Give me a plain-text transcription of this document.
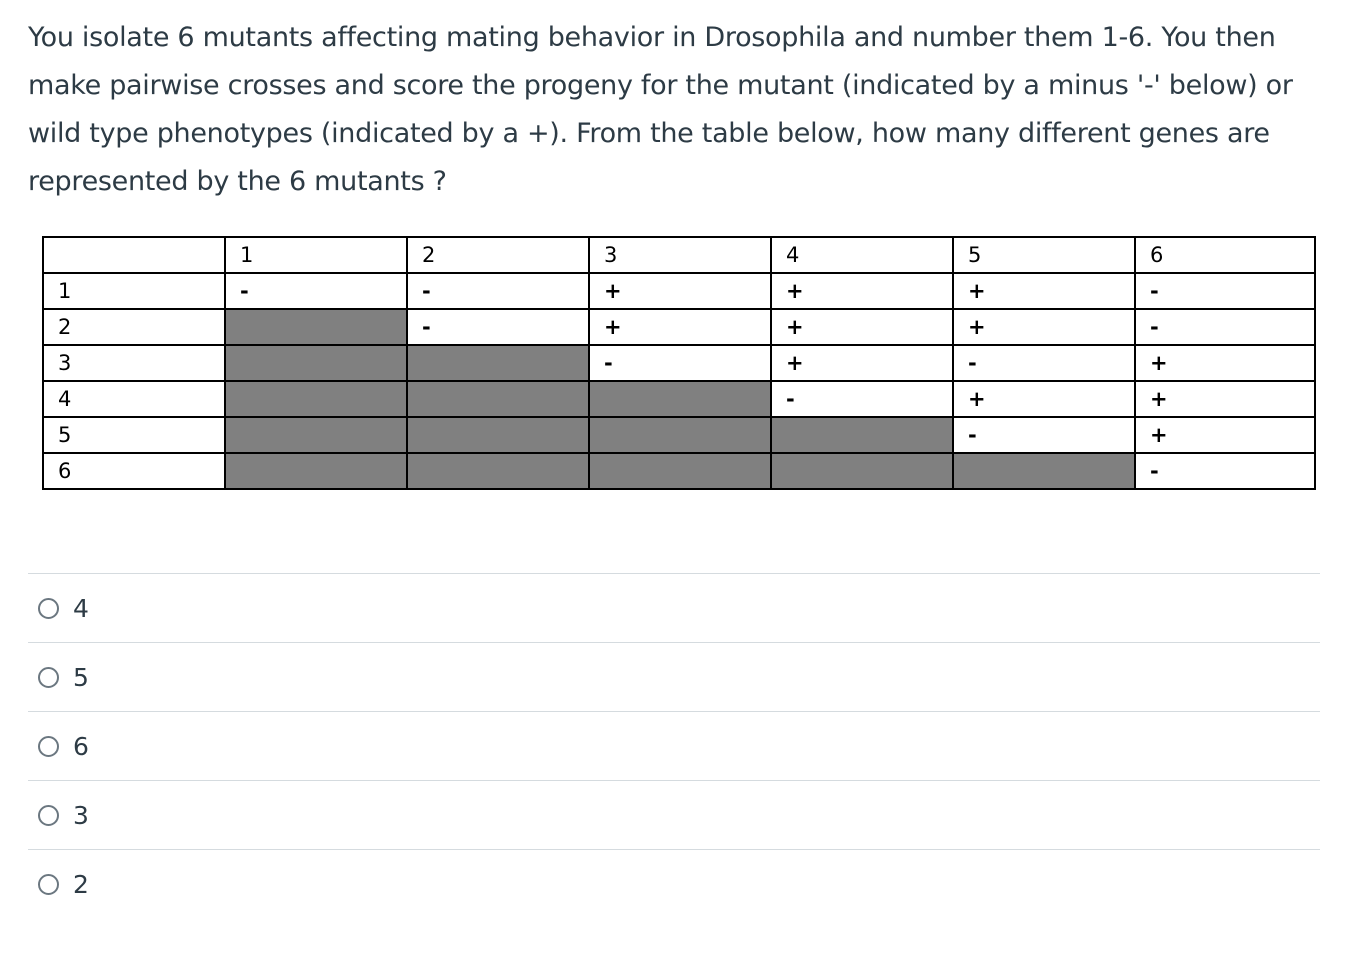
You isolate 6 mutants affecting mating behavior in Drosophila and number them 1-6. You then make pairwise crosses and score the progeny for the mutant (indicated by a minus '-' below) or wild type phenotypes (indicated by a +). From the table below, how many different genes are represented by the 6 mutants ?

	1	2	3	4	5	6
1	-	-	+	+	+	-
2		-	+	+	+	-
3			-	+	-	+
4				-	+	+
5					-	+
6						-
4
5
6
3
2
